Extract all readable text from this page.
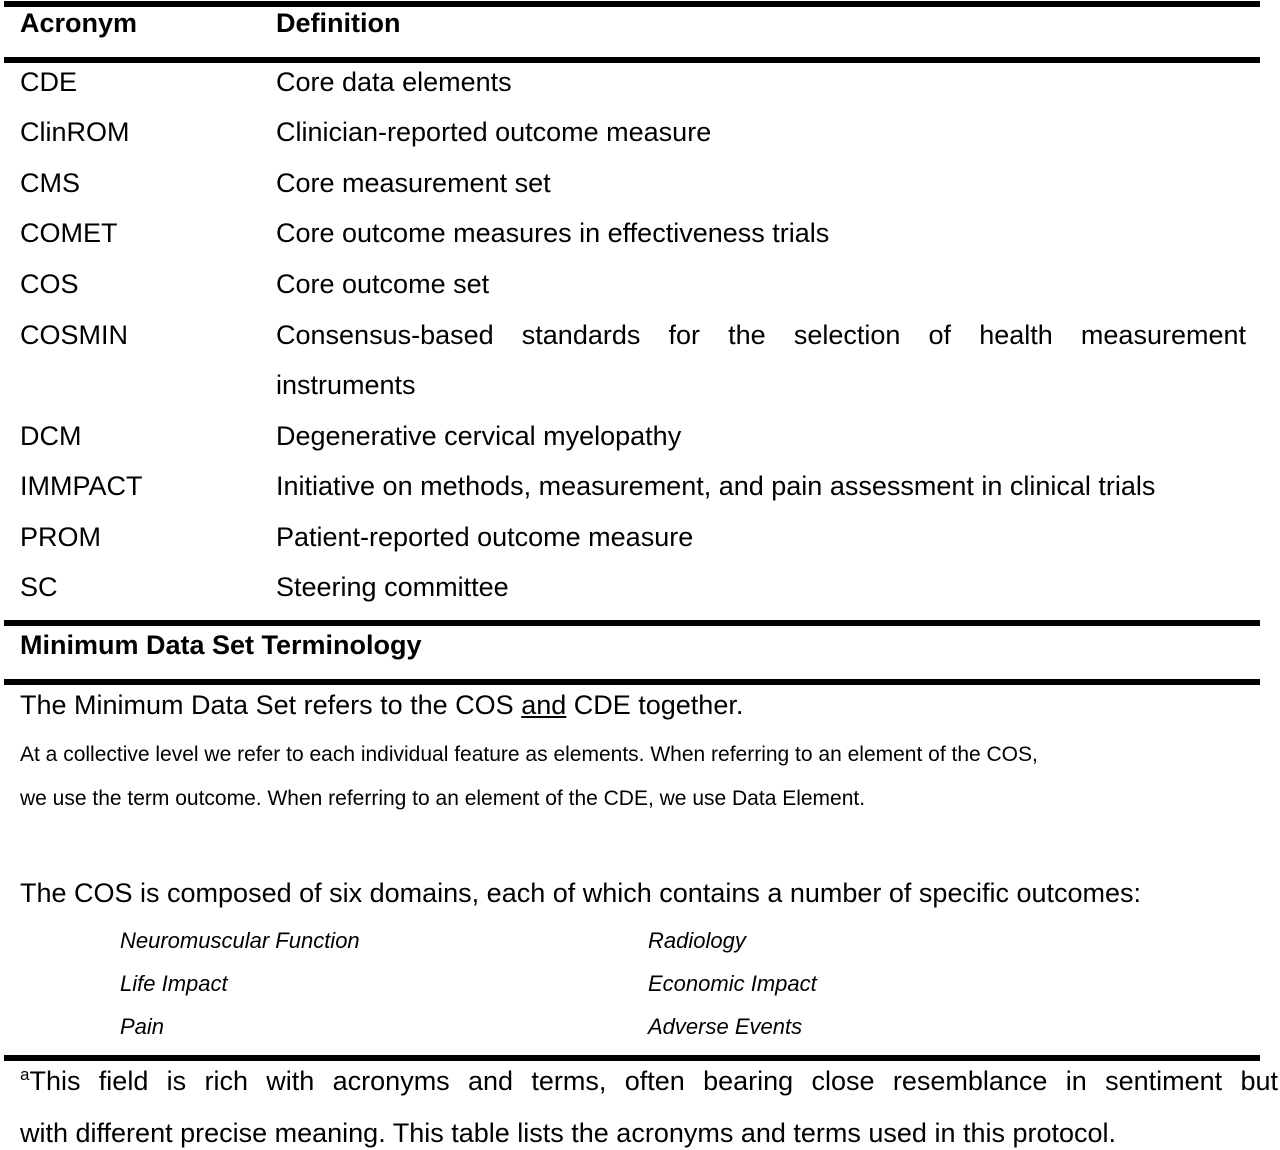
Acronym	Definition
CDE	Core data elements
ClinROM	Clinician-reported outcome measure
CMS	Core measurement set
COMET	Core outcome measures in effectiveness trials
COS	Core outcome set
COSMIN	Consensus-based standards for the selection of health measurement
instruments
DCM	Degenerative cervical myelopathy
IMMPACT	Initiative on methods, measurement, and pain assessment in clinical trials
PROM	Patient-reported outcome measure
SC	Steering committee
Minimum Data Set Terminology
The Minimum Data Set refers to the COS and CDE together.
At a collective level we refer to each individual feature as elements. When referring to an element of the COS,
we use the term outcome. When referring to an element of the CDE, we use Data Element.
The COS is composed of six domains, each of which contains a number of specific outcomes:
Neuromuscular Function	Radiology
Life Impact	Economic Impact
Pain	Adverse Events
$^a$This field is rich with acronyms and terms, often bearing close resemblance in sentiment but
with different precise meaning. This table lists the acronyms and terms used in this protocol.
